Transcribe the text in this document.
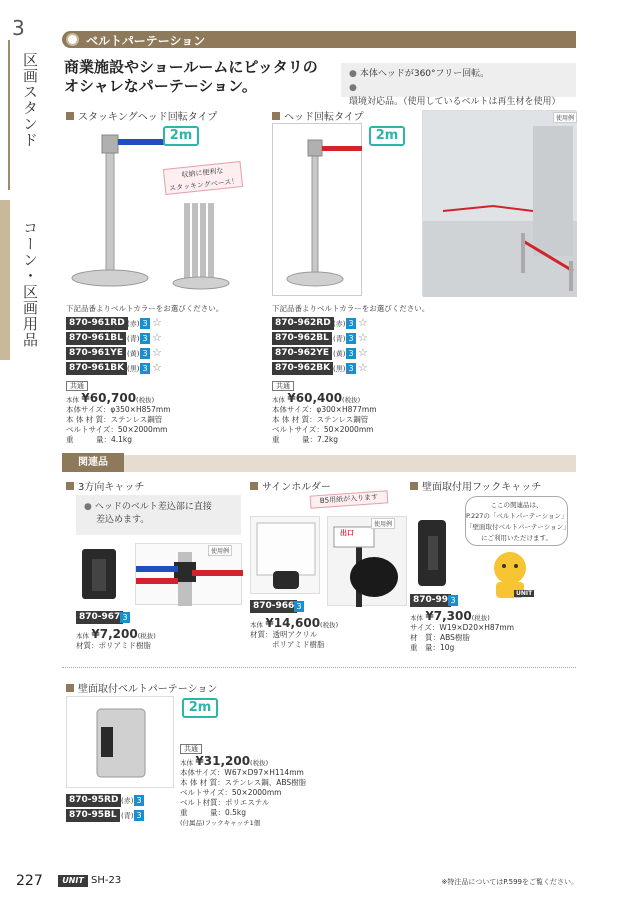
3
区画スタンド
コーン・区画用品
ベルトパーテーション
商業施設やショールームにピッタリの
オシャレなパーテーション。
● 本体ヘッドが360°フリー回転。
●環境対応品。（使用しているベルトは再生材を使用）
スタッキングヘッド回転タイプ
2m
収納に便利な
スタッキングベース！
下記品番よりベルトカラーをお選びください。
870-961RD (赤) 3 ☆
870-961BL (青) 3 ☆
870-961YE (黄) 3 ☆
870-961BK (黒) 3 ☆
共通
本体 ¥60,700(税抜)
本体サイズ：φ350×H857mm
本 体 材 質：ステンレス鋼管
ベルトサイズ：50×2000mm
重　　　量：4.1kg
ヘッド回転タイプ
2m
使用例
下記品番よりベルトカラーをお選びください。
870-962RD (赤) 3 ☆
870-962BL (青) 3 ☆
870-962YE (黄) 3 ☆
870-962BK (黒) 3 ☆
共通
本体 ¥60,400(税抜)
本体サイズ：φ300×H877mm
本 体 材 質：ステンレス鋼管
ベルトサイズ：50×2000mm
重　　　量：7.2kg
関連品
3方向キャッチ
● ヘッドのベルト差込部に直接
差込めます。
使用例
870-967 3
本体 ¥7,200(税抜)
材質：ポリアミド樹脂
サインホルダー
B5用紙が入ります
出口
使用例
870-966 3
本体 ¥14,600(税抜)
材質：透明アクリル
ポリアミド樹脂
壁面取付用フックキャッチ
ここの関連品は、
P.227の「ベルトパーテーション」
「壁面取付ベルトパーテーション」
にご利用いただけます。
UNIT
870-99 3
本体 ¥7,300(税抜)
サイズ：W19×D20×H87mm
材　質：ABS樹脂
重　量：10g
壁面取付ベルトパーテーション
2m
870-95RD (赤) 3
870-95BL (青) 3
共通
本体 ¥31,200(税抜)
本体サイズ：W67×D97×H114mm
本 体 材 質：ステンレス鋼、ABS樹脂
ベルトサイズ：50×2000mm
ベルト材質：ポリエステル
重　　　量：0.5kg
(付属品)フックキャッチ1個
227	UNIT SH-23	※特注品についてはP.599をご覧ください。
